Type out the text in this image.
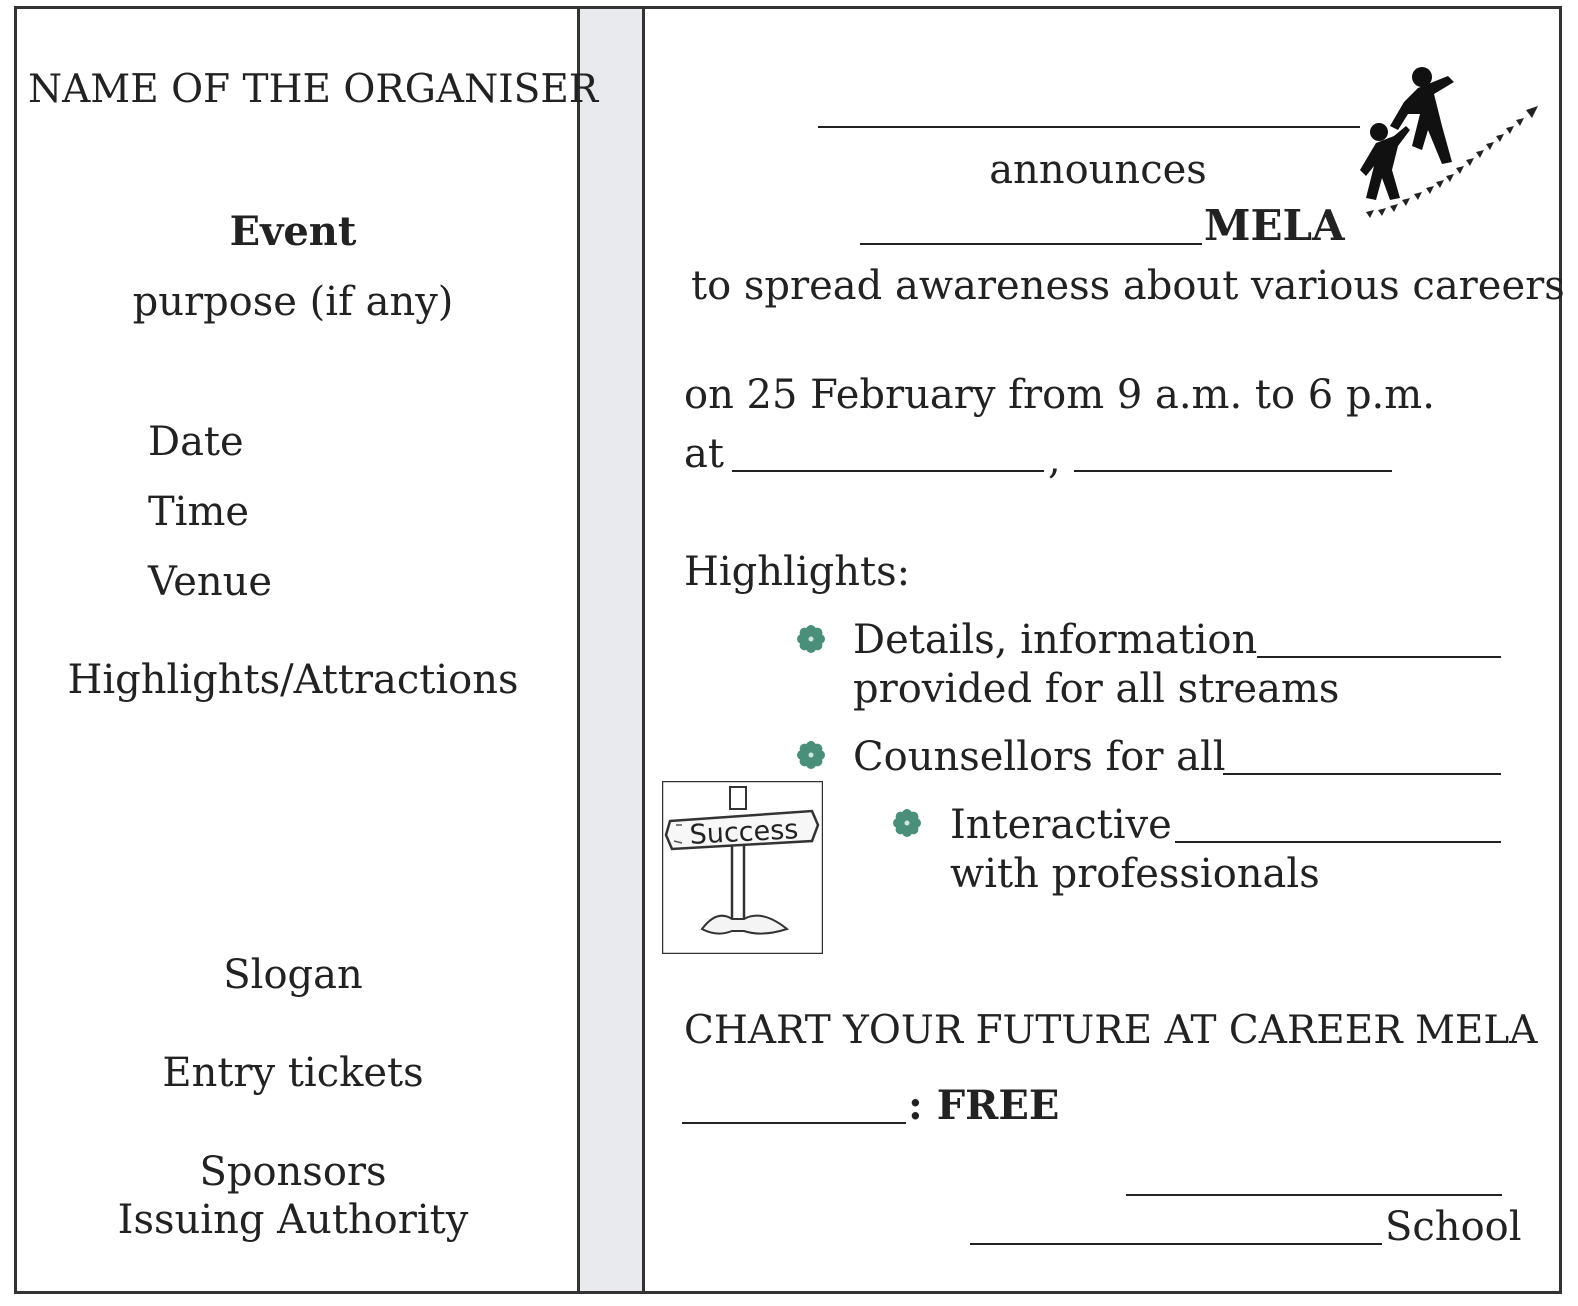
NAME OF THE ORGANISER
Event
purpose (if any)
Date
Time
Venue
Highlights/Attractions
Slogan
Entry tickets
Sponsors
Issuing Authority
announces
MELA
to spread awareness about various careers
on 25 February from 9 a.m. to 6 p.m.
at	,
Highlights:
Details, information
provided for all streams
Counsellors for all
Success	Interactive
with professionals
CHART YOUR FUTURE AT CAREER MELA
: FREE
School
